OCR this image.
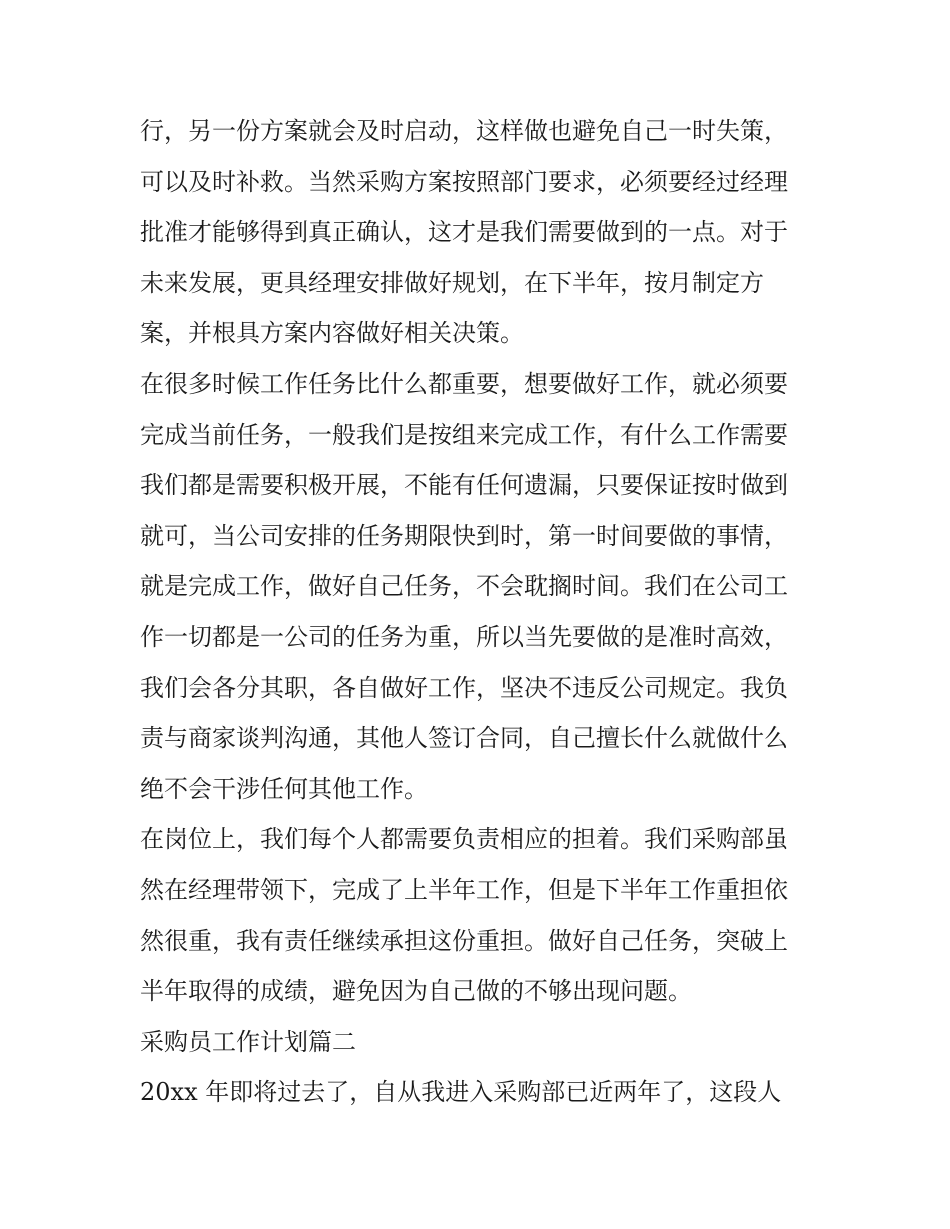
行，另一份方案就会及时启动，这样做也避免自己一时失策，
可以及时补救。当然采购方案按照部门要求，必须要经过经理
批准才能够得到真正确认，这才是我们需要做到的一点。对于
未来发展，更具经理安排做好规划，在下半年，按月制定方
案，并根具方案内容做好相关决策。
在很多时候工作任务比什么都重要，想要做好工作，就必须要
完成当前任务，一般我们是按组来完成工作，有什么工作需要
我们都是需要积极开展，不能有任何遗漏，只要保证按时做到
就可，当公司安排的任务期限快到时，第一时间要做的事情，
就是完成工作，做好自己任务，不会耽搁时间。我们在公司工
作一切都是一公司的任务为重，所以当先要做的是准时高效，
我们会各分其职，各自做好工作，坚决不违反公司规定。我负
责与商家谈判沟通，其他人签订合同，自己擅长什么就做什么
绝不会干涉任何其他工作。
在岗位上，我们每个人都需要负责相应的担着。我们采购部虽
然在经理带领下，完成了上半年工作，但是下半年工作重担依
然很重，我有责任继续承担这份重担。做好自己任务，突破上
半年取得的成绩，避免因为自己做的不够出现问题。
采购员工作计划篇二
20xx 年即将过去了，自从我进入采购部已近两年了，这段人
